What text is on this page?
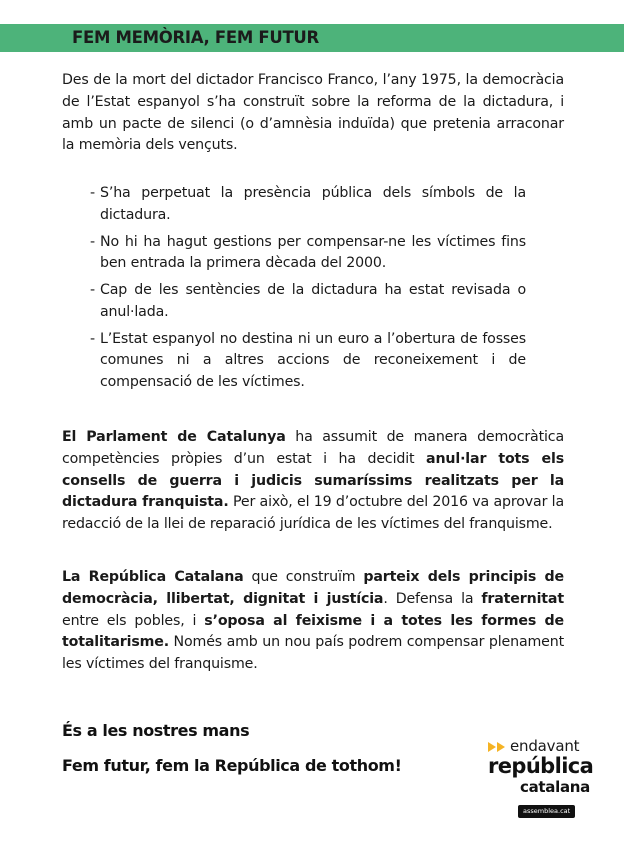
FEM MEMÒRIA, FEM FUTUR

Des de la mort del dictador Francisco Franco, l’any 1975, la democràcia de l’Estat espanyol s’ha construït sobre la reforma de la dictadura, i amb un pacte de silenci (o d’amnèsia induïda) que pretenia arraconar la memòria dels vençuts.

- S’ha perpetuat la presència pública dels símbols de la dictadura.
- No hi ha hagut gestions per compensar-ne les víctimes fins ben entrada la primera dècada del 2000.
- Cap de les sentències de la dictadura ha estat revisada o anul·lada.
- L’Estat espanyol no destina ni un euro a l’obertura de fosses comunes ni a altres accions de reconeixement i de compensació de les víctimes.

El Parlament de Catalunya ha assumit de manera democràtica competències pròpies d’un estat i ha decidit anul·lar tots els consells de guerra i judicis sumaríssims realitzats per la dictadura franquista. Per això, el 19 d’octubre del 2016 va aprovar la redacció de la llei de reparació jurídica de les víctimes del franquisme.

La República Catalana que construïm parteix dels principis de democràcia, llibertat, dignitat i justícia. Defensa la fraternitat entre els pobles, i s’oposa al feixisme i a totes les formes de totalitarisme. Només amb un nou país podrem compensar plenament les víctimes del franquisme.

És a les nostres mans
Fem futur, fem la República de tothom!
endavant
república
catalana
assemblea.cat
